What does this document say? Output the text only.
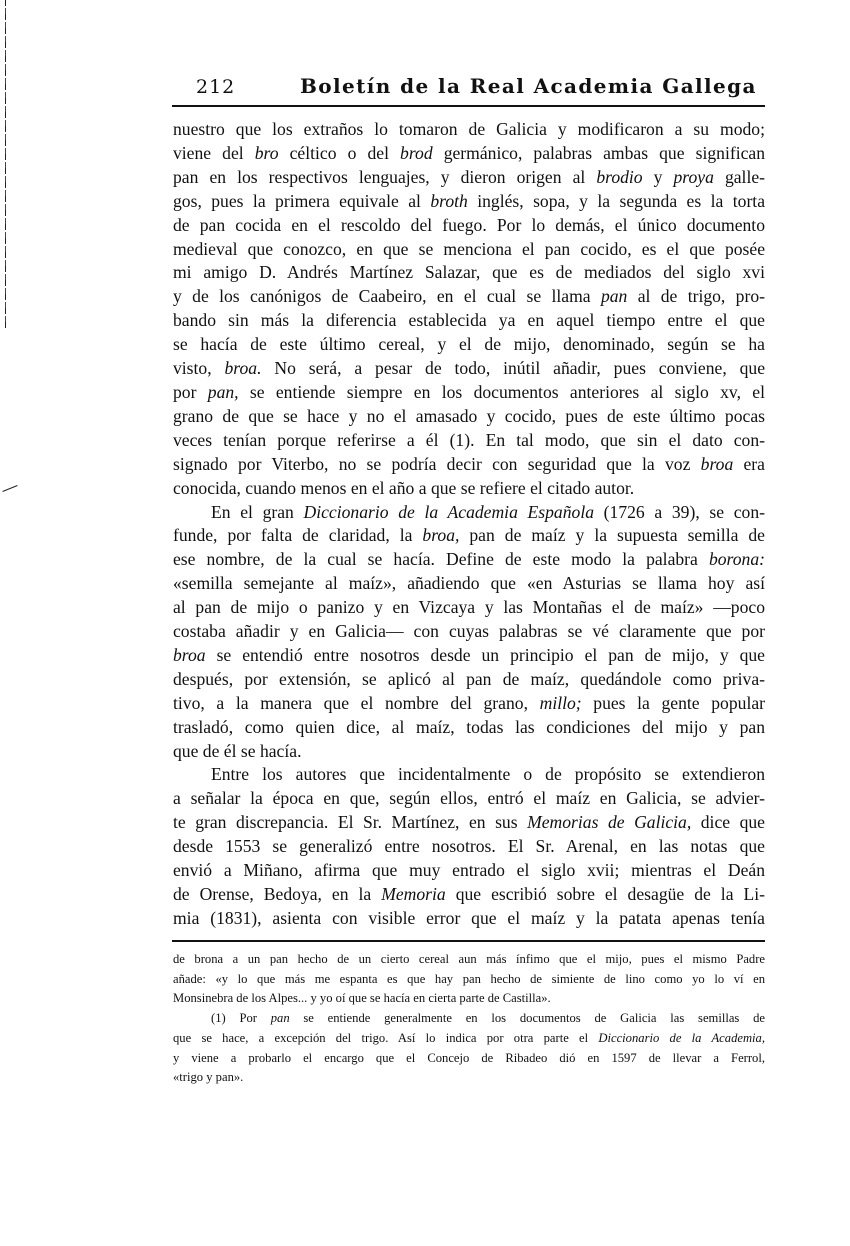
212	Boletín de la Real Academia Gallega
nuestro que los extraños lo tomaron de Galicia y modificaron a su modo;
viene del bro céltico o del brod germánico, palabras ambas que significan
pan en los respectivos lenguajes, y dieron origen al brodio y proya galle-
gos, pues la primera equivale al broth inglés, sopa, y la segunda es la torta
de pan cocida en el rescoldo del fuego. Por lo demás, el único documento
medieval que conozco, en que se menciona el pan cocido, es el que posée
mi amigo D. Andrés Martínez Salazar, que es de mediados del siglo xvi
y de los canónigos de Caabeiro, en el cual se llama pan al de trigo, pro-
bando sin más la diferencia establecida ya en aquel tiempo entre el que
se hacía de este último cereal, y el de mijo, denominado, según se ha
visto, broa. No será, a pesar de todo, inútil añadir, pues conviene, que
por pan, se entiende siempre en los documentos anteriores al siglo xv, el
grano de que se hace y no el amasado y cocido, pues de este último pocas
veces tenían porque referirse a él (1). En tal modo, que sin el dato con-
signado por Viterbo, no se podría decir con seguridad que la voz broa era
conocida, cuando menos en el año a que se refiere el citado autor.
En el gran Diccionario de la Academia Española (1726 a 39), se con-
funde, por falta de claridad, la broa, pan de maíz y la supuesta semilla de
ese nombre, de la cual se hacía. Define de este modo la palabra borona:
«semilla semejante al maíz», añadiendo que «en Asturias se llama hoy así
al pan de mijo o panizo y en Vizcaya y las Montañas el de maíz» —poco
costaba añadir y en Galicia— con cuyas palabras se vé claramente que por
broa se entendió entre nosotros desde un principio el pan de mijo, y que
después, por extensión, se aplicó al pan de maíz, quedándole como priva-
tivo, a la manera que el nombre del grano, millo; pues la gente popular
trasladó, como quien dice, al maíz, todas las condiciones del mijo y pan
que de él se hacía.
Entre los autores que incidentalmente o de propósito se extendieron
a señalar la época en que, según ellos, entró el maíz en Galicia, se advier-
te gran discrepancia. El Sr. Martínez, en sus Memorias de Galicia, dice que
desde 1553 se generalizó entre nosotros. El Sr. Arenal, en las notas que
envió a Miñano, afirma que muy entrado el siglo xvii; mientras el Deán
de Orense, Bedoya, en la Memoria que escribió sobre el desagüe de la Li-
mia (1831), asienta con visible error que el maíz y la patata apenas tenía
de brona a un pan hecho de un cierto cereal aun más ínfimo que el mijo, pues el mismo Padre
añade: «y lo que más me espanta es que hay pan hecho de simiente de lino como yo lo ví en
Monsinebra de los Alpes... y yo oí que se hacía en cierta parte de Castilla».
(1) Por pan se entiende generalmente en los documentos de Galicia las semillas de
que se hace, a excepción del trigo. Así lo indica por otra parte el Diccionario de la Academia,
y viene a probarlo el encargo que el Concejo de Ribadeo dió en 1597 de llevar a Ferrol,
«trigo y pan».
